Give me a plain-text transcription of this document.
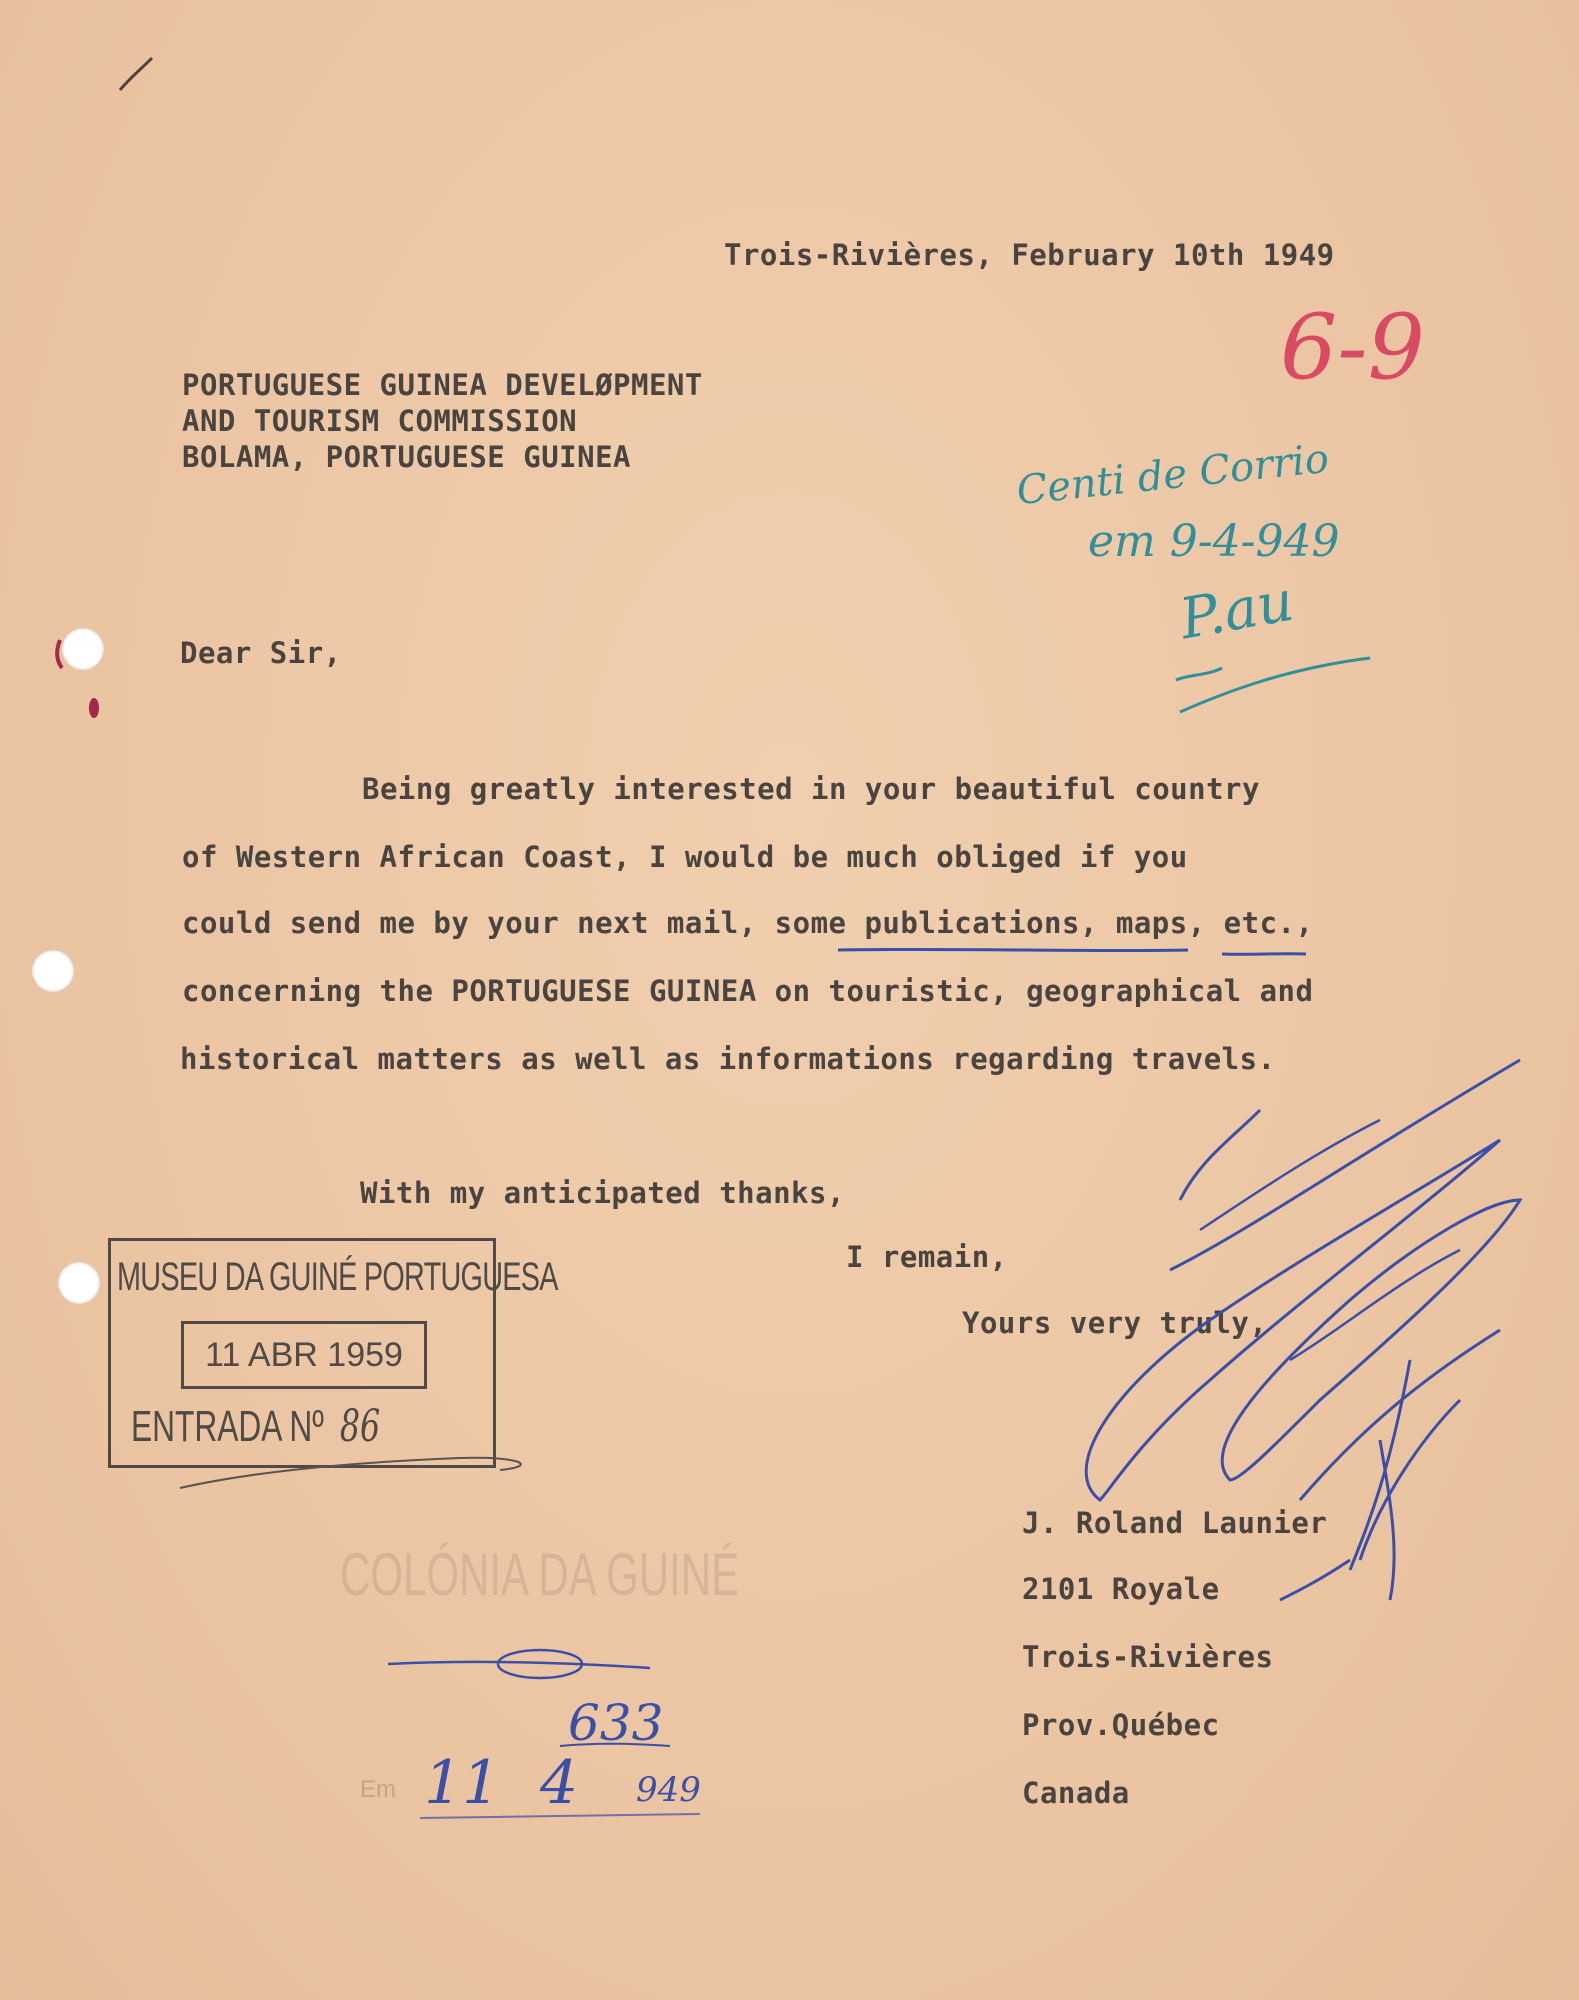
Trois-Rivières, February 10th 1949
PORTUGUESE GUINEA DEVELØPMENT
AND TOURISM COMMISSION
BOLAMA, PORTUGUESE GUINEA
Dear Sir,
Being greatly interested in your beautiful country
of Western African Coast, I would be much obliged if you
could send me by your next mail, some publications, maps, etc.,
concerning the PORTUGUESE GUINEA on touristic, geographical and
historical matters as well as informations regarding travels.
With my anticipated thanks,
I remain,
Yours very truly,
J. Roland Launier
2101 Royale
Trois-Rivières
Prov.Québec
Canada
6-9
Centi de Corrio
em 9-4-949
P.au
COLÓNIA DA GUINÉ
MUSEU DA GUINÉ PORTUGUESA
11 ABR 1959
ENTRADA Nº 86
633
Em 11 4 949
